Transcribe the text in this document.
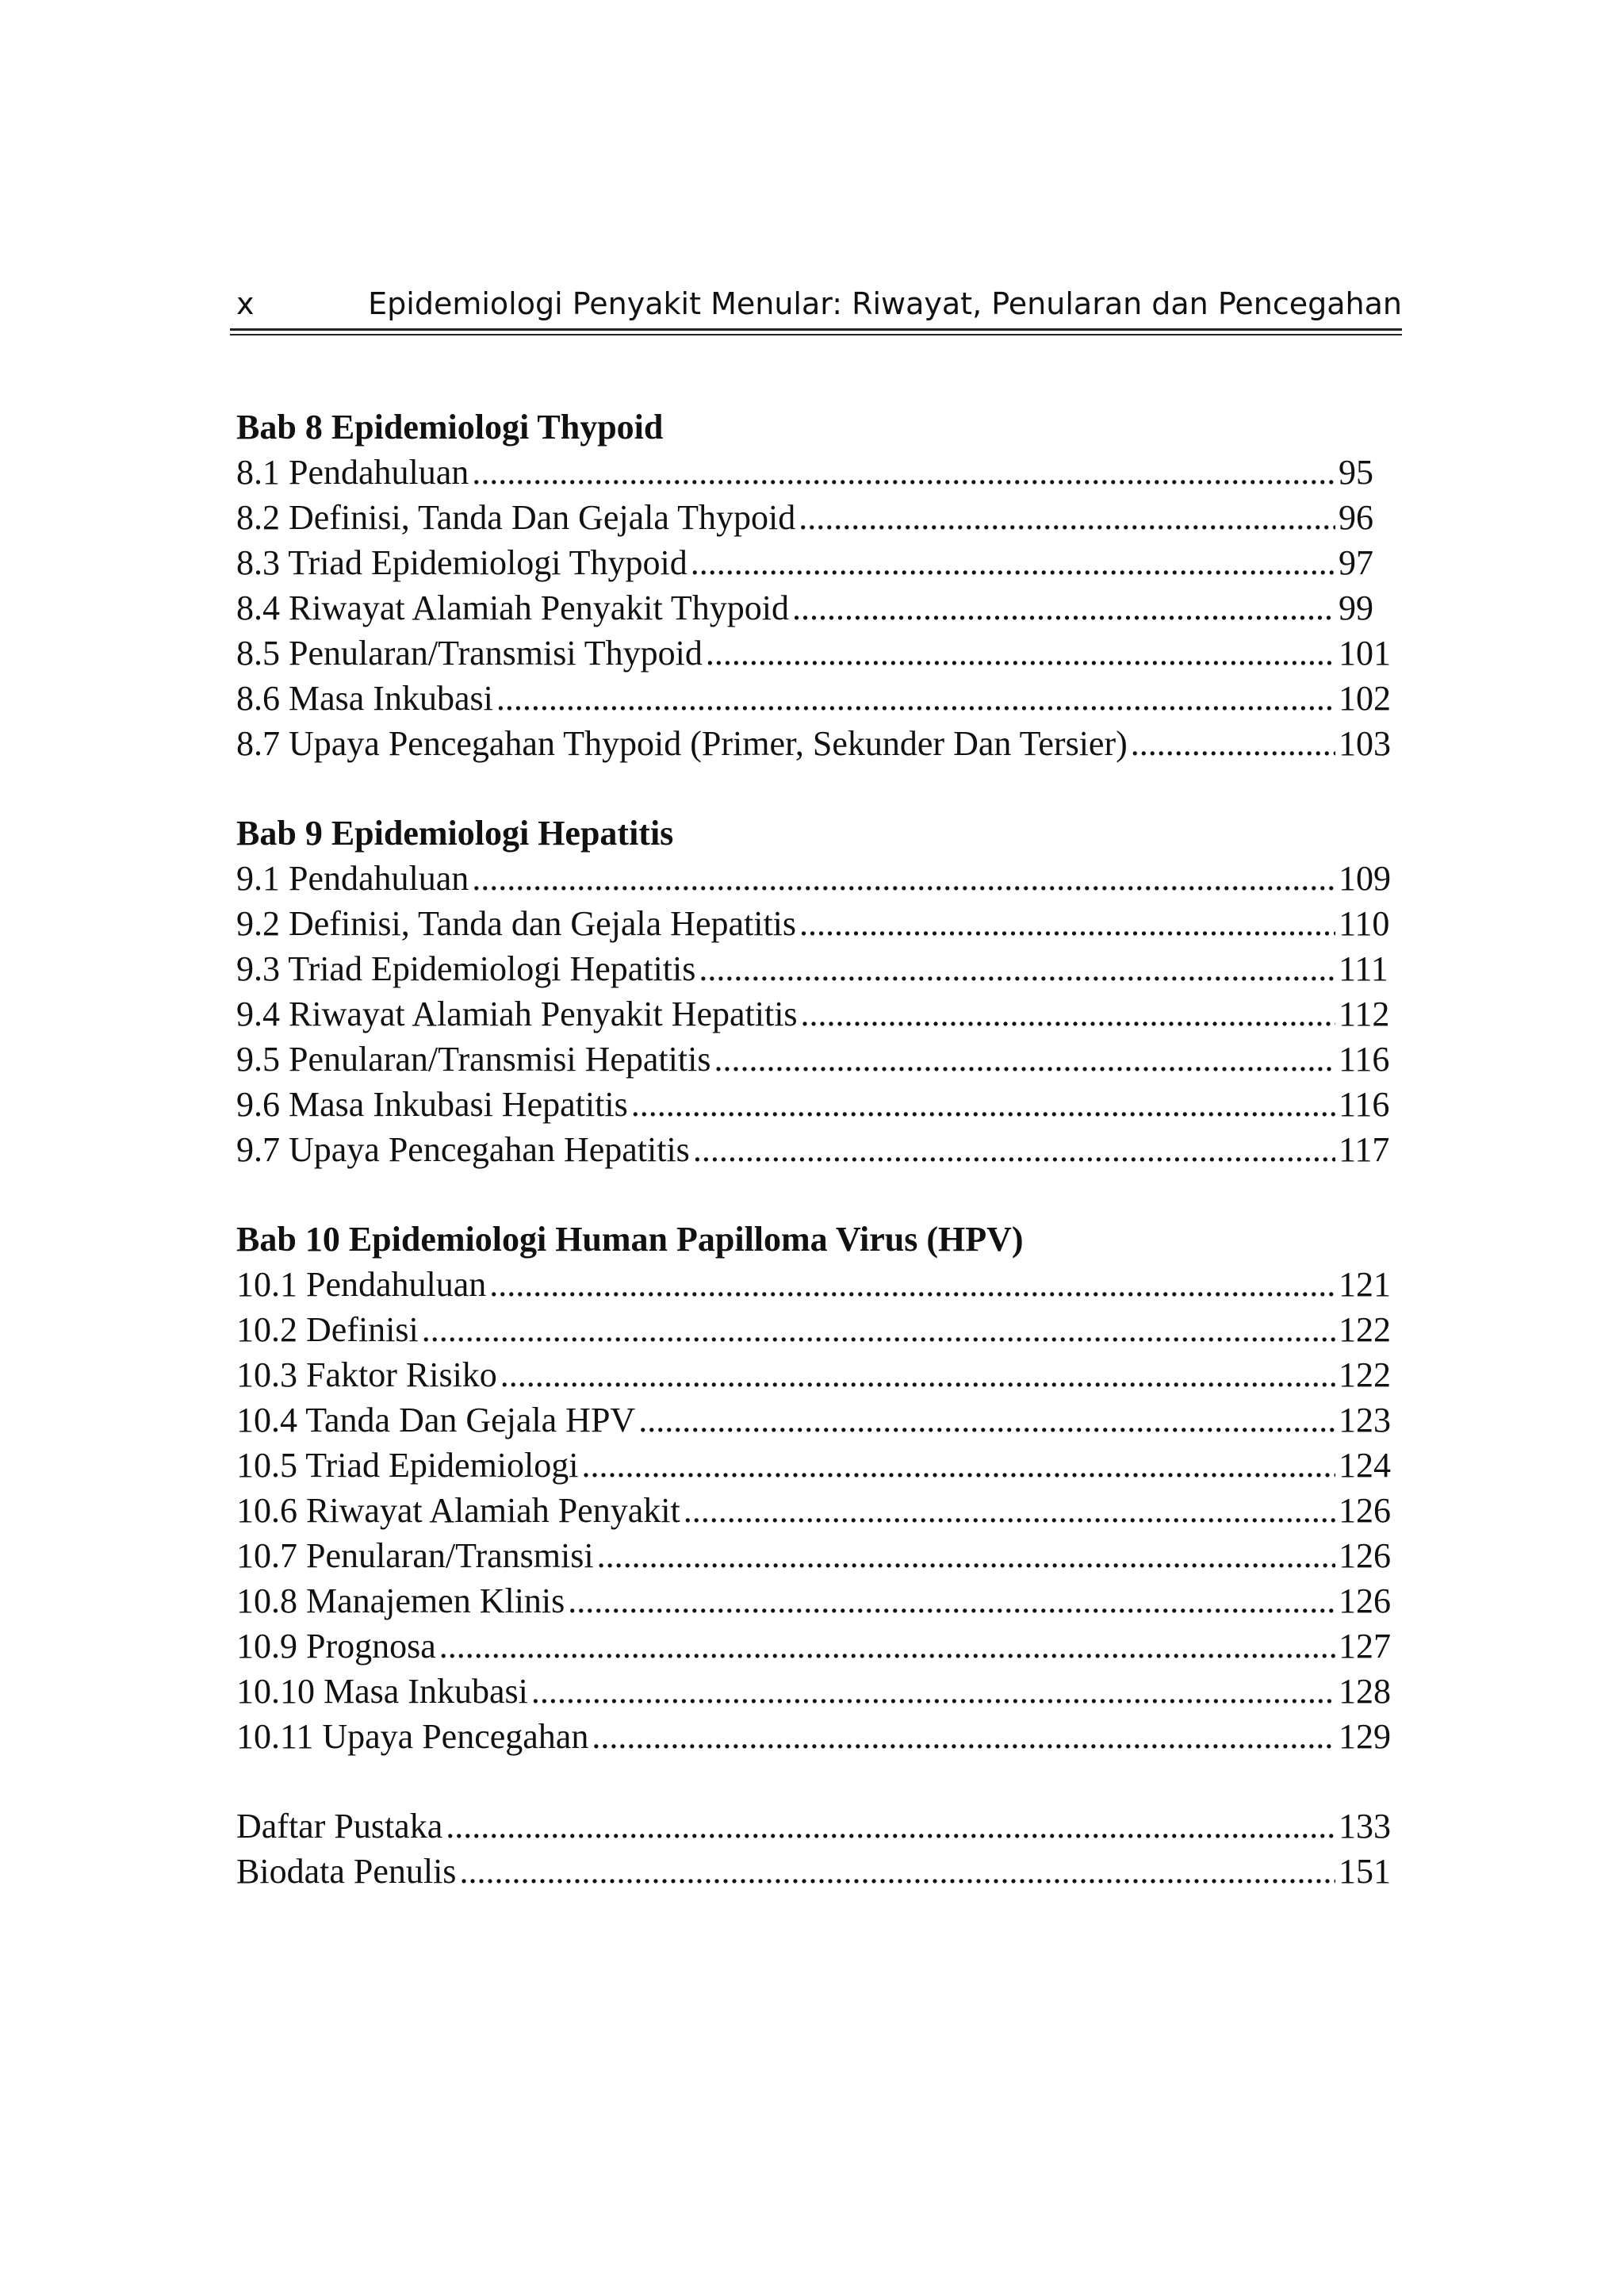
x	Epidemiologi Penyakit Menular: Riwayat, Penularan dan Pencegahan
Bab 8 Epidemiologi Thypoid
8.1 Pendahuluan .....	95
8.2 Definisi, Tanda Dan Gejala Thypoid .....	96
8.3 Triad Epidemiologi Thypoid .....	97
8.4 Riwayat Alamiah Penyakit Thypoid .....	99
8.5 Penularan/Transmisi Thypoid .....	101
8.6 Masa Inkubasi .....	102
8.7 Upaya Pencegahan Thypoid (Primer, Sekunder Dan Tersier) .....	103
Bab 9 Epidemiologi Hepatitis
9.1 Pendahuluan .....	109
9.2 Definisi, Tanda dan Gejala Hepatitis .....	110
9.3 Triad Epidemiologi Hepatitis .....	111
9.4 Riwayat Alamiah Penyakit Hepatitis .....	112
9.5 Penularan/Transmisi Hepatitis .....	116
9.6 Masa Inkubasi Hepatitis .....	116
9.7 Upaya Pencegahan Hepatitis .....	117
Bab 10 Epidemiologi Human Papilloma Virus (HPV)
10.1 Pendahuluan .....	121
10.2 Definisi .....	122
10.3 Faktor Risiko .....	122
10.4 Tanda Dan Gejala HPV .....	123
10.5 Triad Epidemiologi .....	124
10.6 Riwayat Alamiah Penyakit .....	126
10.7 Penularan/Transmisi .....	126
10.8 Manajemen Klinis .....	126
10.9 Prognosa .....	127
10.10 Masa Inkubasi .....	128
10.11 Upaya Pencegahan .....	129
Daftar Pustaka .....	133
Biodata Penulis .....	151
